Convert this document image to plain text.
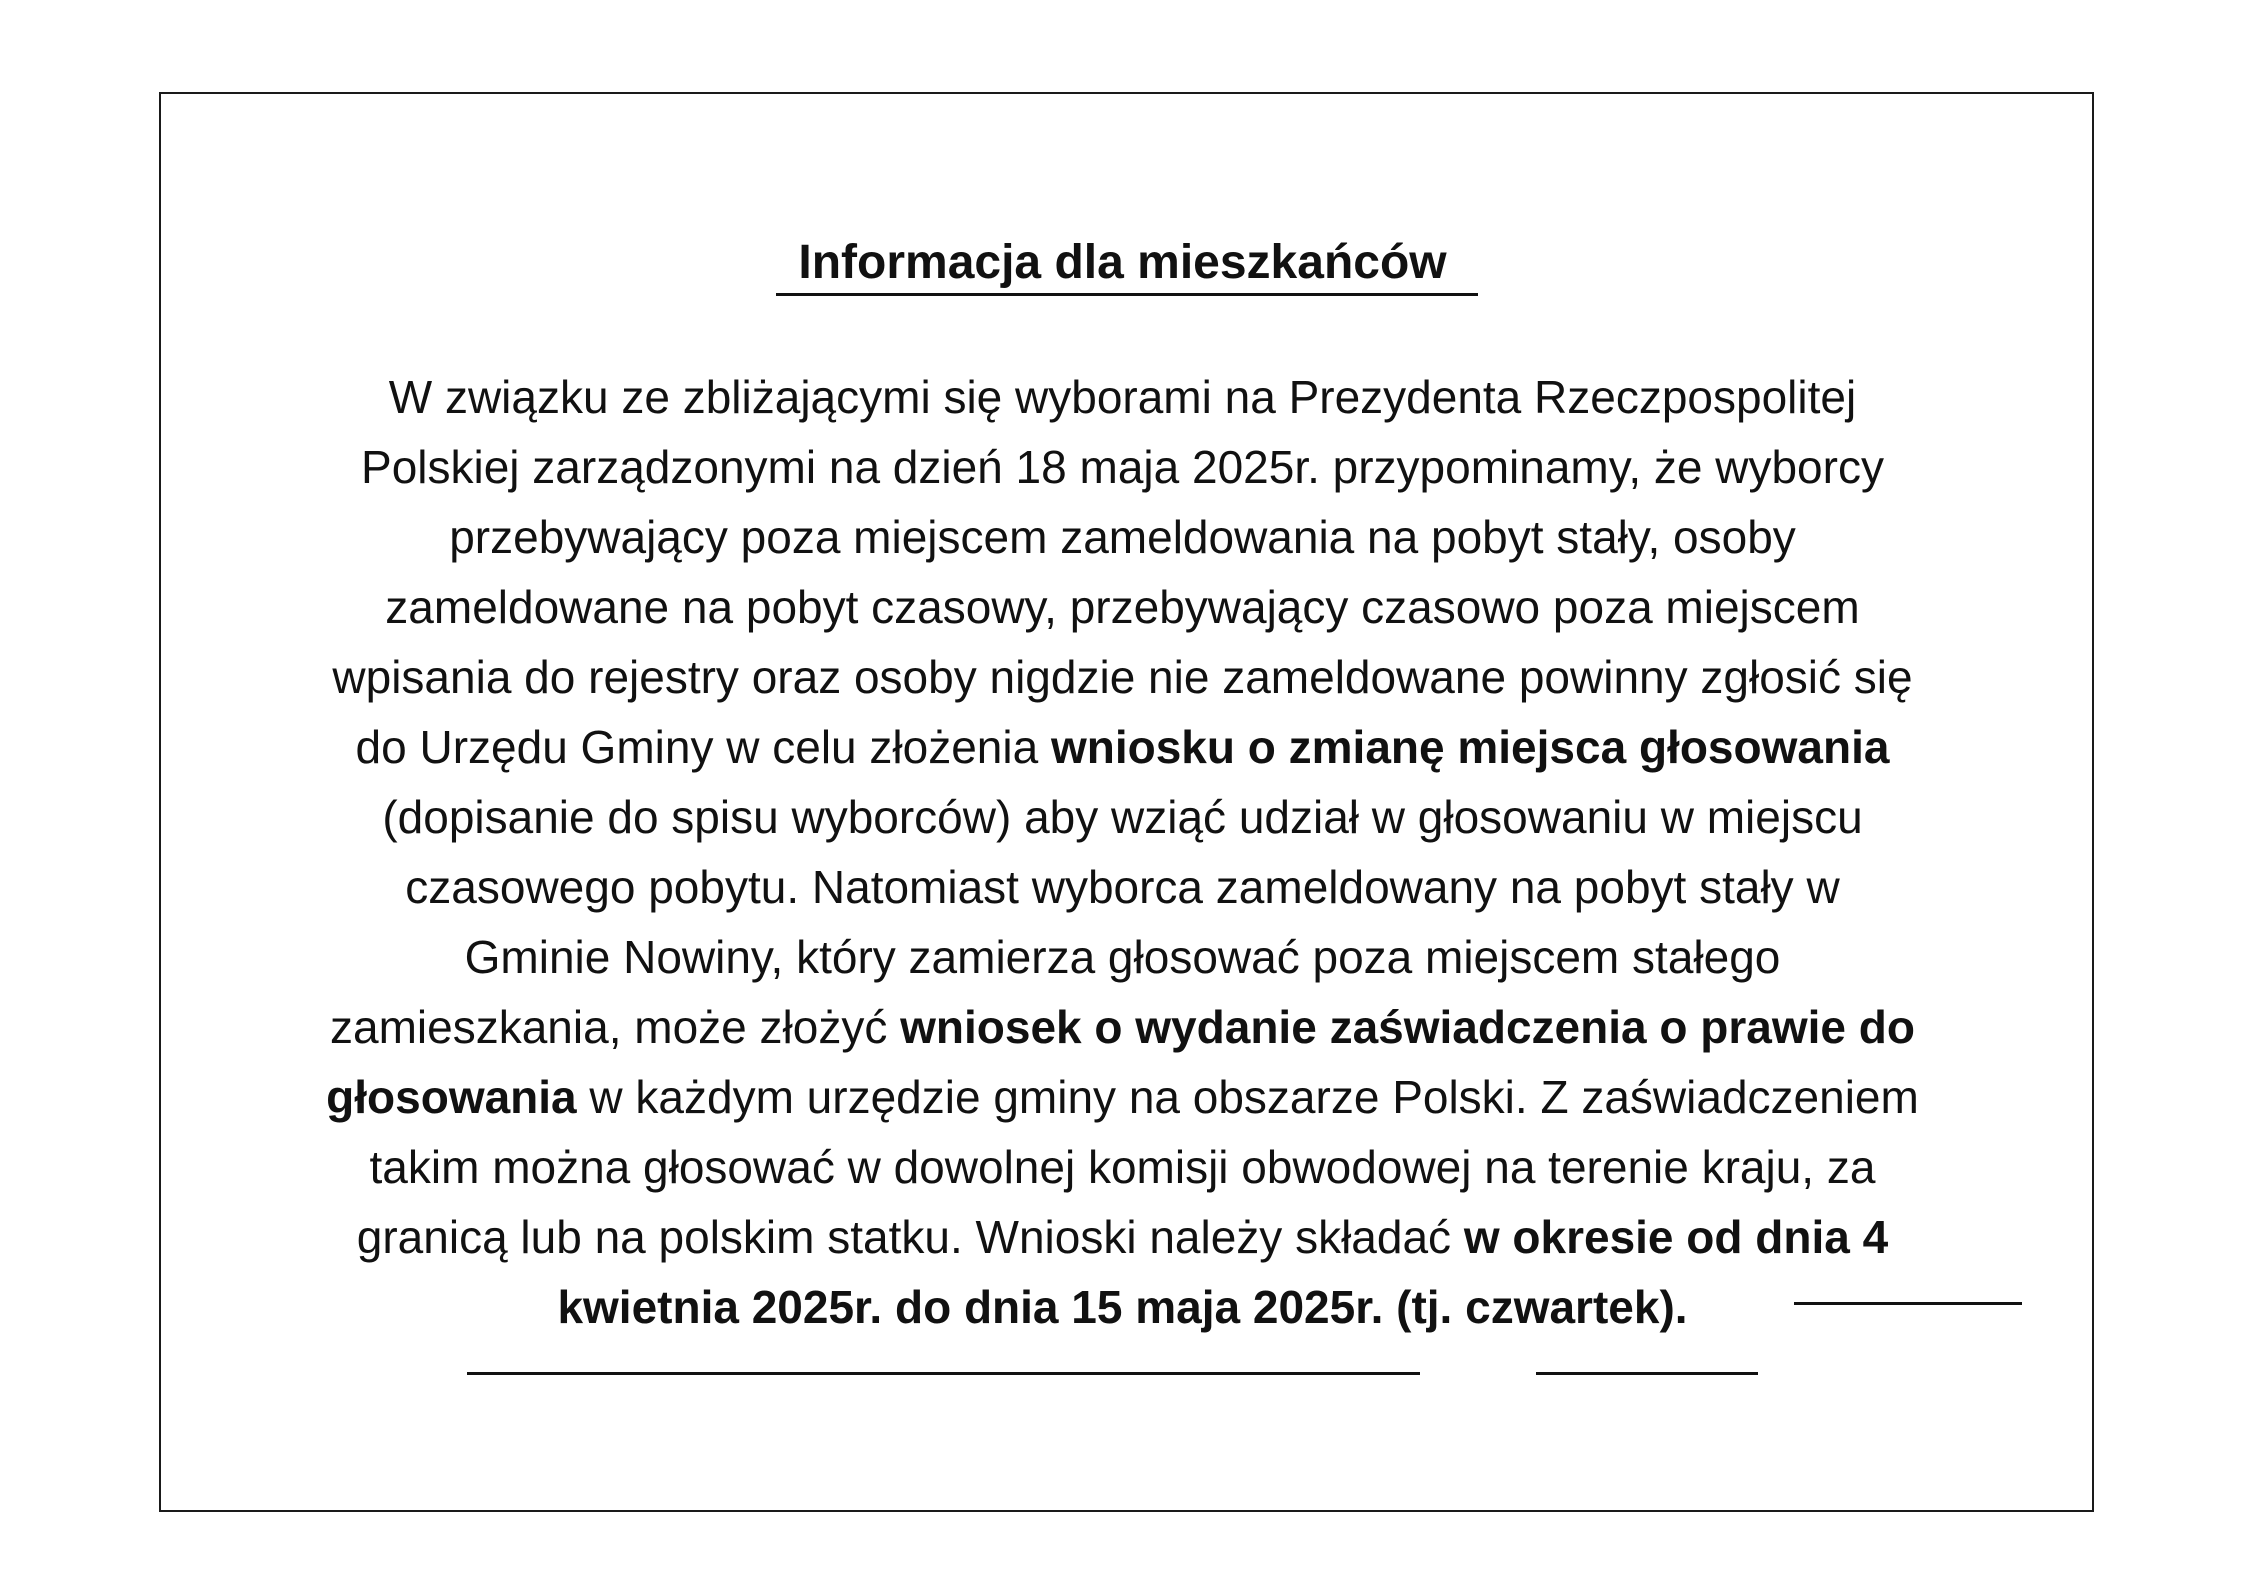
Informacja dla mieszkańców
W związku ze zbliżającymi się wyborami na Prezydenta Rzeczpospolitej
Polskiej zarządzonymi na dzień 18 maja 2025r. przypominamy, że wyborcy
przebywający poza miejscem zameldowania na pobyt stały, osoby
zameldowane na pobyt czasowy, przebywający czasowo poza miejscem
wpisania do rejestry oraz osoby nigdzie nie zameldowane powinny zgłosić się
do Urzędu Gminy w celu złożenia wniosku o zmianę miejsca głosowania
(dopisanie do spisu wyborców) aby wziąć udział w głosowaniu w miejscu
czasowego pobytu. Natomiast wyborca zameldowany na pobyt stały w
Gminie Nowiny, który zamierza głosować poza miejscem stałego
zamieszkania, może złożyć wniosek o wydanie zaświadczenia o prawie do
głosowania w każdym urzędzie gminy na obszarze Polski. Z zaświadczeniem
takim można głosować w dowolnej komisji obwodowej na terenie kraju, za
granicą lub na polskim statku. Wnioski należy składać w okresie od dnia 4
kwietnia 2025r. do dnia 15 maja 2025r. (tj. czwartek).
